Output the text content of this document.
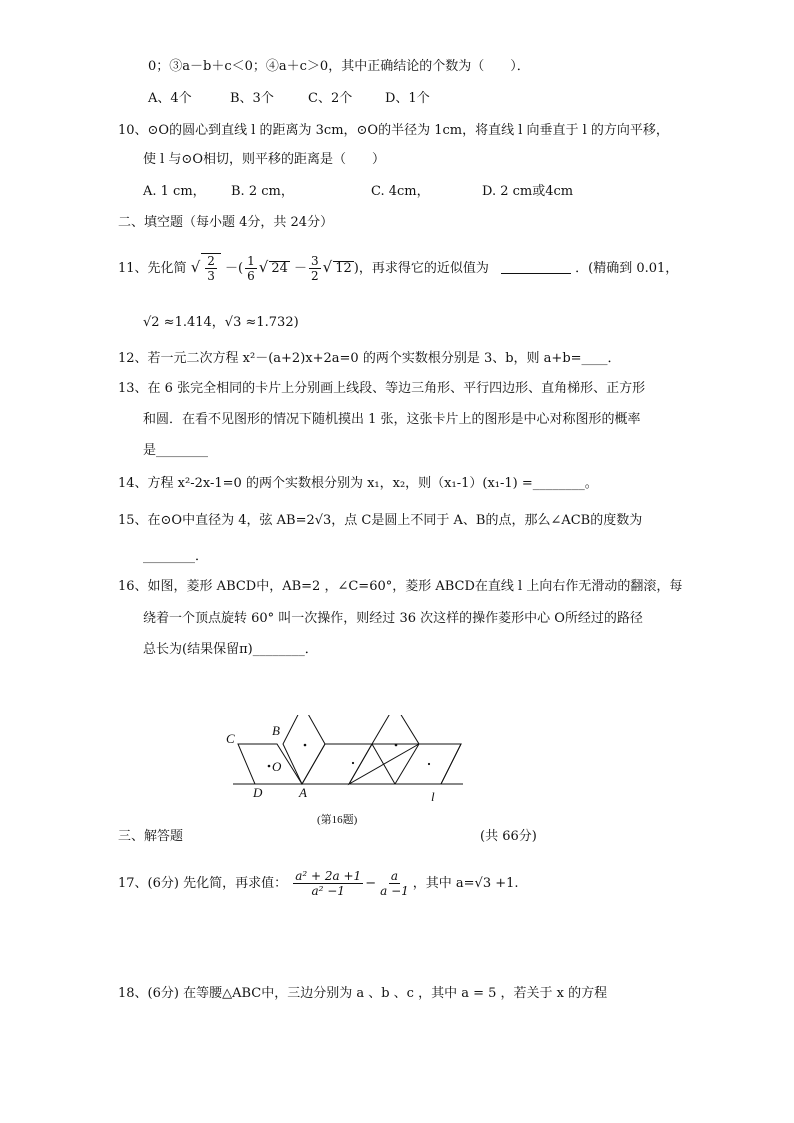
0；③a－b＋c＜0；④a＋c＞0，其中正确结论的个数为（　　）．
A、4个	B、3个	C、2个	D、1个
10、⊙O的圆心到直线 l 的距离为 3cm，⊙O的半径为 1cm，将直线 l 向垂直于 l 的方向平移，
使 l 与⊙O相切，则平移的距离是（　　）
A. 1 cm， B. 2 cm，	C. 4cm，	D. 2 cm或4cm
二、填空题（每小题 4分，共 24分）
11、先化简 √ $\frac{2}{3}$ －( $\frac{1}{6}$ √ $24 - \frac{3}{2}$ √ 12 )，再求得它的近似值为	．(精确到 0.01，
√2 ≈1.414，√3 ≈1.732)
12、若一元二次方程 x²－(a+2)x+2a=0 的两个实数根分别是 3、b，则 a+b=____．
13、在 6 张完全相同的卡片上分别画上线段、等边三角形、平行四边形、直角梯形、正方形
和圆．在看不见图形的情况下随机摸出 1 张，这张卡片上的图形是中心对称图形的概率
是________
14、方程 x²-2x-1=0 的两个实数根分别为 x₁，x₂，则（x₁-1）(x₁-1) =________。
15、在⊙O中直径为 4，弦 AB=2√3，点 C是圆上不同于 A、B的点，那么∠ACB的度数为
________．
16、如图，菱形 ABCD中，AB=2 ，∠C=60°，菱形 ABCD在直线 l 上向右作无滑动的翻滚，每
绕着一个顶点旋转 60° 叫一次操作，则经过 36 次这样的操作菱形中心 O所经过的路径
总长为(结果保留π)________．
C
B
O
D	A	l
(第16题)
三、解答题	(共 66分)
17、(6分) 先化简，再求值： $\frac{\text{a² + 2a +1}}{\text{a² −1}} - \frac{a}{a -1}$ ，其中 a=√3 +1.
18、(6分) 在等腰△ABC中，三边分别为 a 、b 、c ，其中 a = 5 ，若关于 x 的方程
